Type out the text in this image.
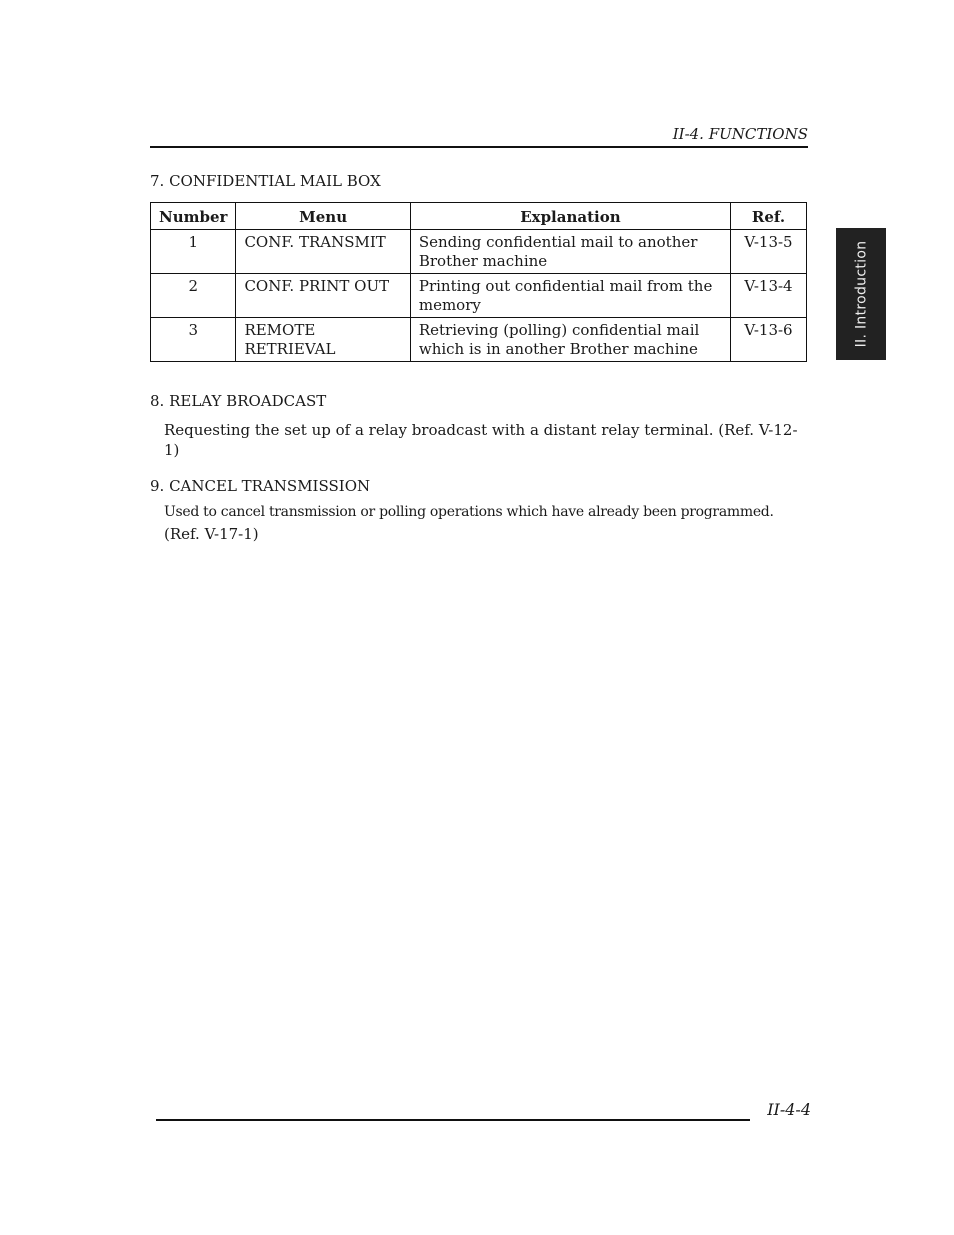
II-4. FUNCTIONS
II. Introduction
7. CONFIDENTIAL MAIL BOX
Number	Menu	Explanation	Ref.
1	CONF. TRANSMIT	Sending confidential mail to another Brother machine	V-13-5
2	CONF. PRINT OUT	Printing out confidential mail from the memory	V-13-4
3	REMOTE RETRIEVAL	Retrieving (polling) confidential mail which is in another Brother machine	V-13-6
8. RELAY BROADCAST
Requesting the set up of a relay broadcast with a distant relay terminal. (Ref. V-12-1)
9. CANCEL TRANSMISSION
Used to cancel transmission or polling operations which have already been programmed.
(Ref. V-17-1)
II-4-4
